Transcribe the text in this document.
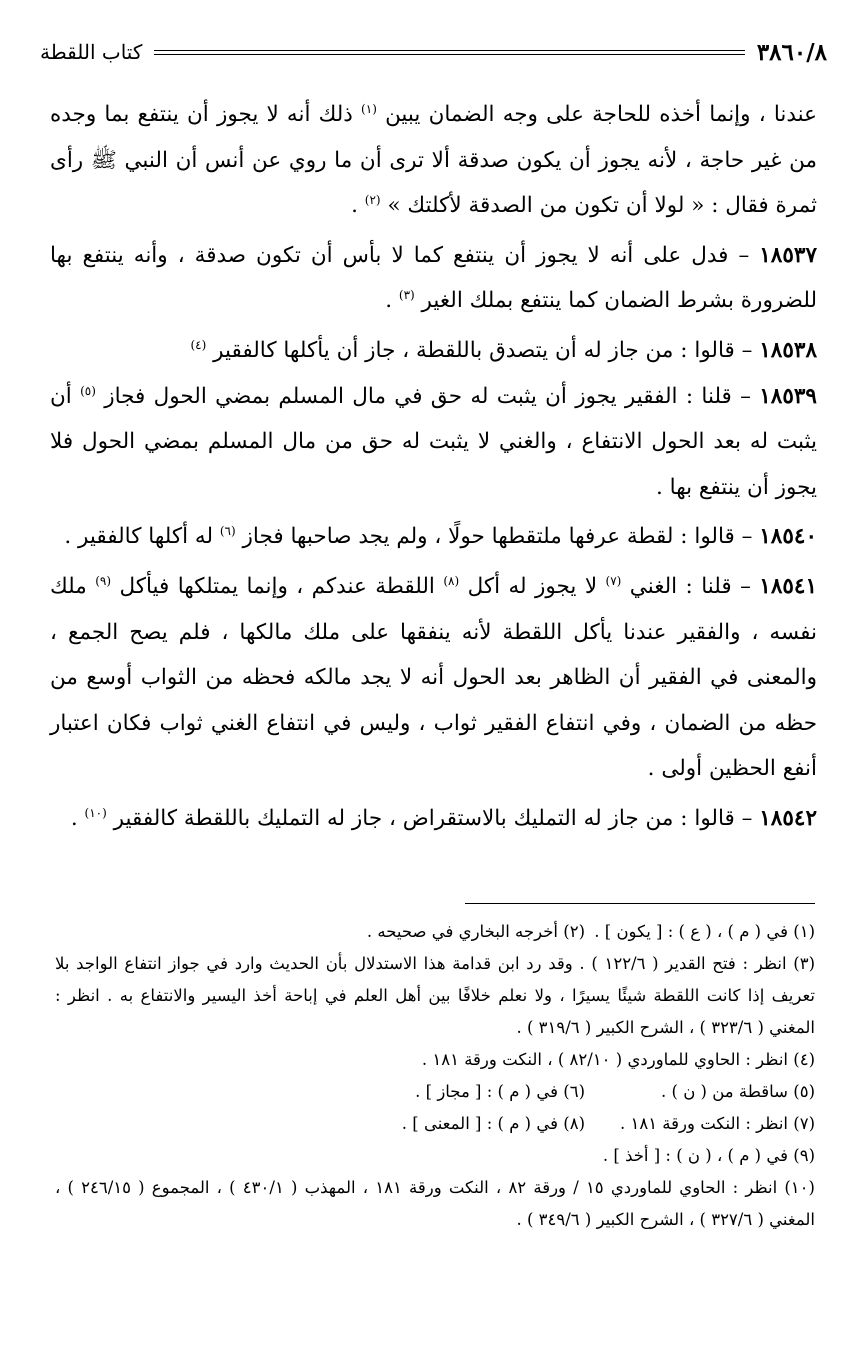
٣٨٦٠/٨
كتاب اللقطة

عندنا ، وإنما أخذه للحاجة على وجه الضمان يبين $^{(١)}$ ذلك أنه لا يجوز أن ينتفع بما وجده من غير حاجة ، لأنه يجوز أن يكون صدقة ألا ترى أن ما روي عن أنس أن النبي ﷺ رأى ثمرة فقال : « لولا أن تكون من الصدقة لأكلتك » $^{(٢)}$ .

١٨٥٣٧ – فدل على أنه لا يجوز أن ينتفع كما لا بأس أن تكون صدقة ، وأنه ينتفع بها للضرورة بشرط الضمان كما ينتفع بملك الغير $^{(٣)}$ .

١٨٥٣٨ – قالوا : من جاز له أن يتصدق باللقطة ، جاز أن يأكلها كالفقير $^{(٤)}$

١٨٥٣٩ – قلنا : الفقير يجوز أن يثبت له حق في مال المسلم بمضي الحول فجاز $^{(٥)}$ أن يثبت له بعد الحول الانتفاع ، والغني لا يثبت له حق من مال المسلم بمضي الحول فلا يجوز أن ينتفع بها .

١٨٥٤٠ – قالوا : لقطة عرفها ملتقطها حولًا ، ولم يجد صاحبها فجاز $^{(٦)}$ له أكلها كالفقير .

١٨٥٤١ – قلنا : الغني $^{(٧)}$ لا يجوز له أكل $^{(٨)}$ اللقطة عندكم ، وإنما يمتلكها فيأكل $^{(٩)}$ ملك نفسه ، والفقير عندنا يأكل اللقطة لأنه ينفقها على ملك مالكها ، فلم يصح الجمع ، والمعنى في الفقير أن الظاهر بعد الحول أنه لا يجد مالكه فحظه من الثواب أوسع من حظه من الضمان ، وفي انتفاع الفقير ثواب ، وليس في انتفاع الغني ثواب فكان اعتبار أنفع الحظين أولى .

١٨٥٤٢ – قالوا : من جاز له التمليك بالاستقراض ، جاز له التمليك باللقطة كالفقير $^{(١٠)}$ .

(١) في ( م ) ، ( ع ) : [ يكون ] .
(٢) أخرجه البخاري في صحيحه .

(٣) انظر : فتح القدير ( ١٢٢/٦ ) . وقد رد ابن قدامة هذا الاستدلال بأن الحديث وارد في جواز انتفاع الواجد بلا تعريف إذا كانت اللقطة شيئًا يسيرًا ، ولا نعلم خلافًا بين أهل العلم في إباحة أخذ اليسير والانتفاع به . انظر : المغني ( ٣٢٣/٦ ) ، الشرح الكبير ( ٣١٩/٦ ) .

(٤) انظر : الحاوي للماوردي ( ٨٢/١٠ ) ، النكت ورقة ١٨١ .

(٥) ساقطة من ( ن ) .
(٦) في ( م ) : [ مجاز ] .
(٧) انظر : النكت ورقة ١٨١ .
(٨) في ( م ) : [ المعنى ] .

(٩) في ( م ) ، ( ن ) : [ أخذ ] .

(١٠) انظر : الحاوي للماوردي ١٥ / ورقة ٨٢ ، النكت ورقة ١٨١ ، المهذب ( ٤٣٠/١ ) ، المجموع ( ٢٤٦/١٥ ) ، المغني ( ٣٢٧/٦ ) ، الشرح الكبير ( ٣٤٩/٦ ) .
